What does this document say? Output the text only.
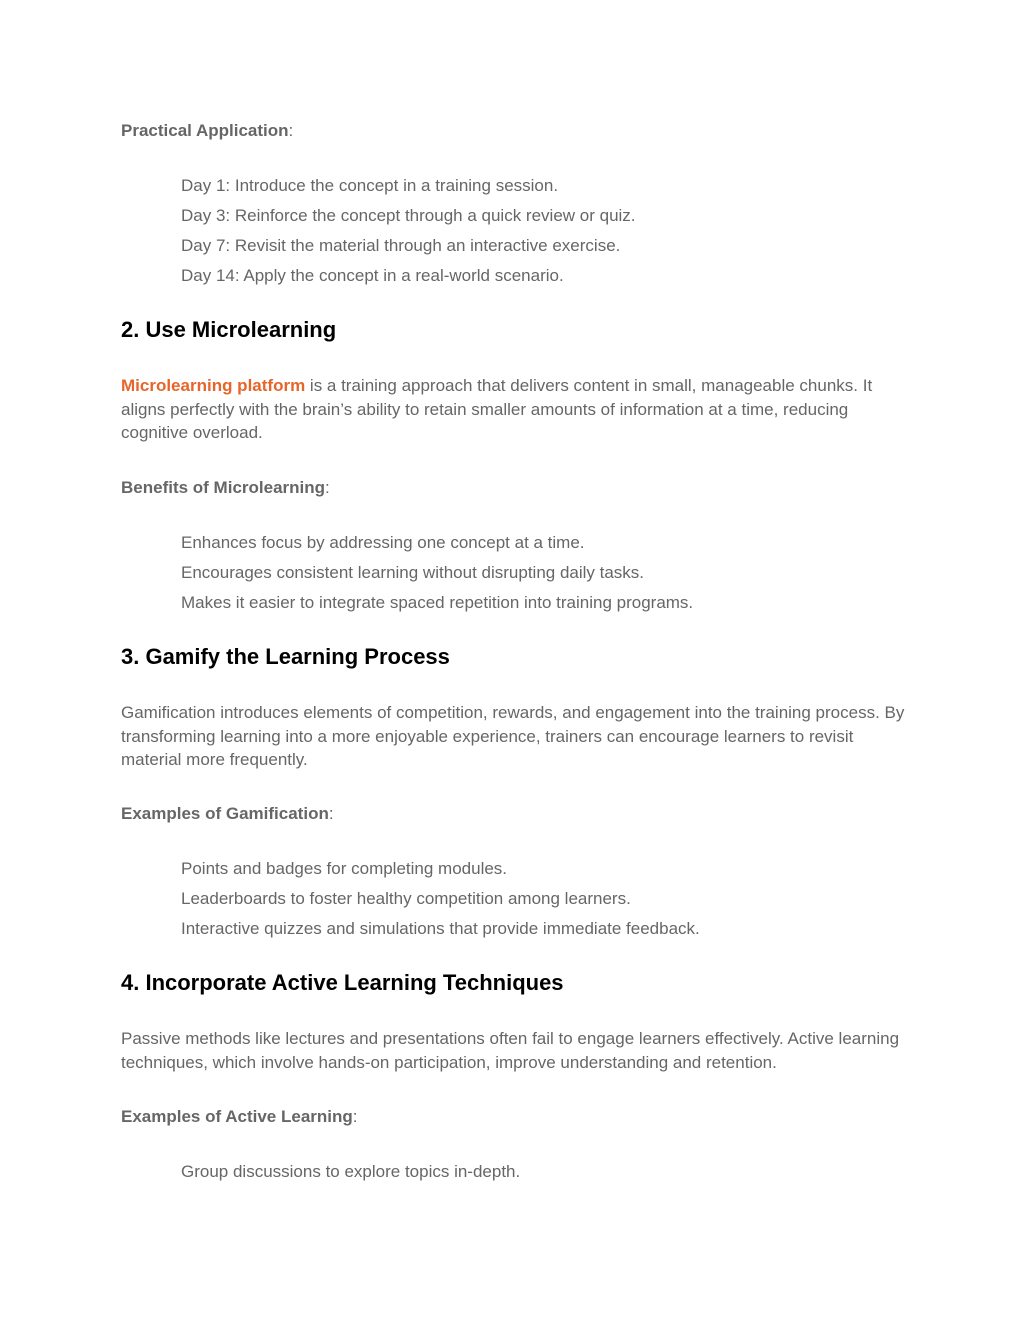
Practical Application:
Day 1: Introduce the concept in a training session.
Day 3: Reinforce the concept through a quick review or quiz.
Day 7: Revisit the material through an interactive exercise.
Day 14: Apply the concept in a real-world scenario.
2. Use Microlearning

Microlearning platform is a training approach that delivers content in small, manageable chunks. It aligns perfectly with the brain’s ability to retain smaller amounts of information at a time, reducing cognitive overload.

Benefits of Microlearning:
Enhances focus by addressing one concept at a time.
Encourages consistent learning without disrupting daily tasks.
Makes it easier to integrate spaced repetition into training programs.
3. Gamify the Learning Process

Gamification introduces elements of competition, rewards, and engagement into the training process. By transforming learning into a more enjoyable experience, trainers can encourage learners to revisit material more frequently.

Examples of Gamification:
Points and badges for completing modules.
Leaderboards to foster healthy competition among learners.
Interactive quizzes and simulations that provide immediate feedback.
4. Incorporate Active Learning Techniques

Passive methods like lectures and presentations often fail to engage learners effectively. Active learning techniques, which involve hands-on participation, improve understanding and retention.

Examples of Active Learning:
Group discussions to explore topics in-depth.
